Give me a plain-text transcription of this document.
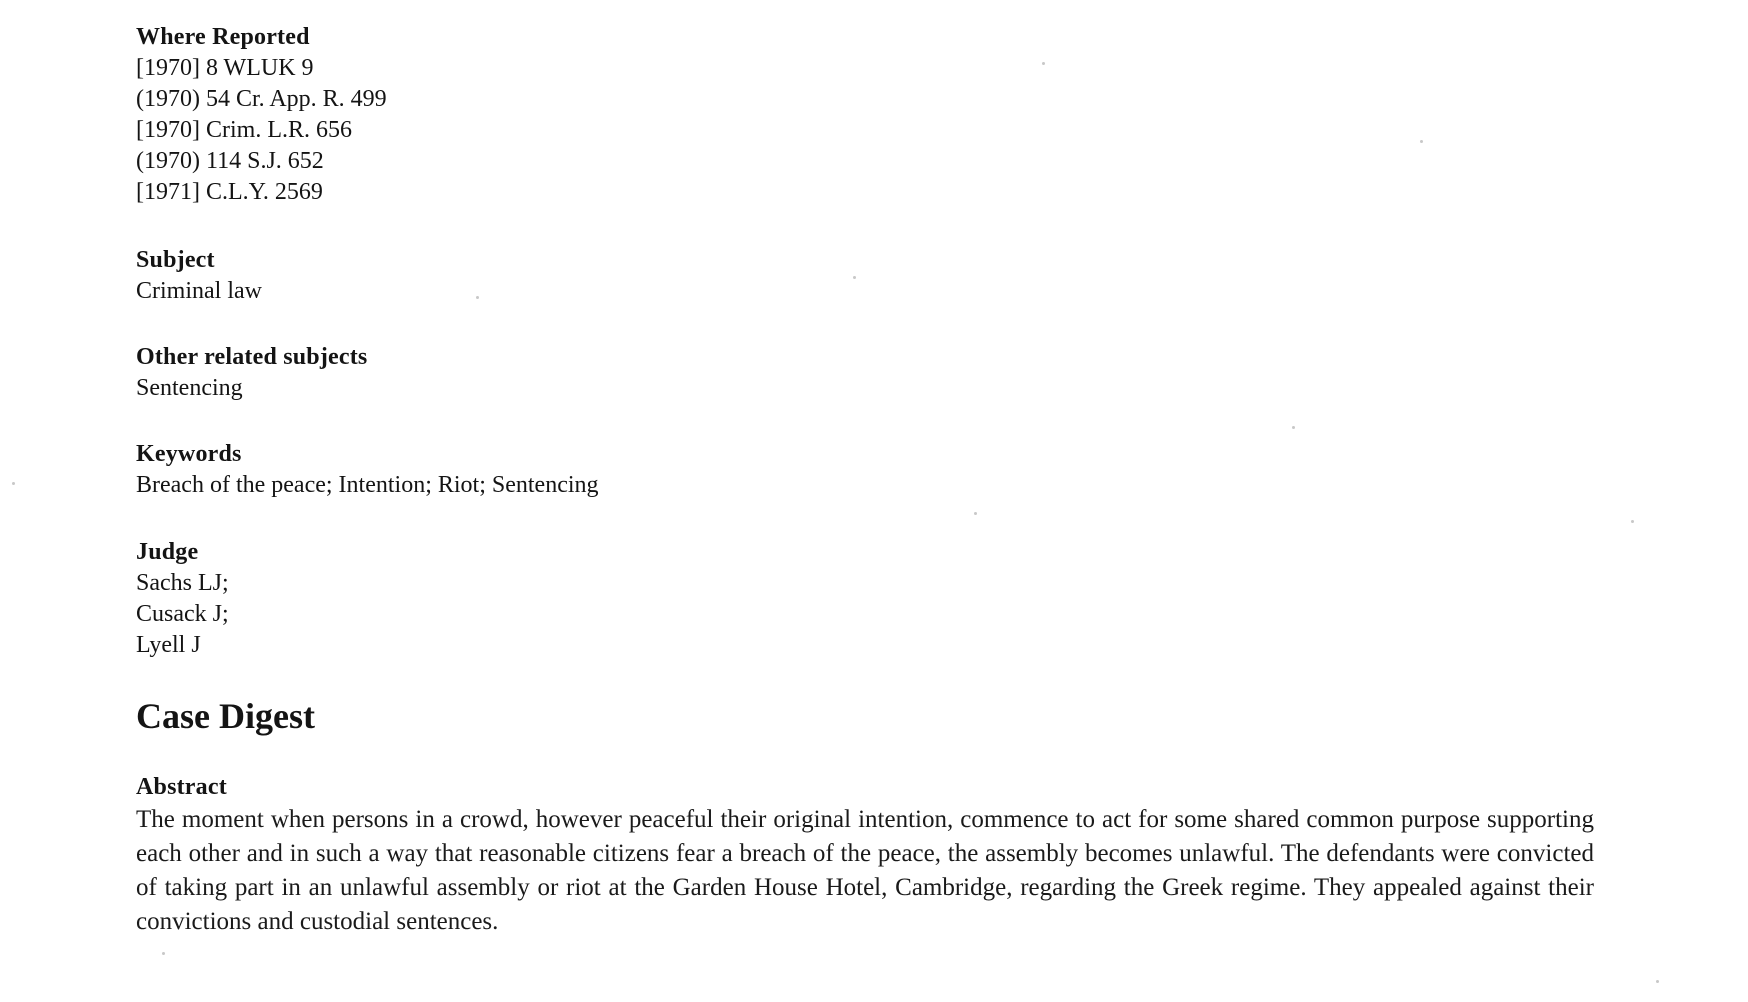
Where Reported
[1970] 8 WLUK 9
(1970) 54 Cr. App. R. 499
[1970] Crim. L.R. 656
(1970) 114 S.J. 652
[1971] C.L.Y. 2569
Subject
Criminal law
Other related subjects
Sentencing
Keywords
Breach of the peace; Intention; Riot; Sentencing
Judge
Sachs LJ;
Cusack J;
Lyell J
Case Digest
Abstract
The moment when persons in a crowd, however peaceful their original intention, commence to act for some shared common purpose supporting each other and in such a way that reasonable citizens fear a breach of the peace, the assembly becomes unlawful. The defendants were convicted of taking part in an unlawful assembly or riot at the Garden House Hotel, Cambridge, regarding the Greek regime. They appealed against their convictions and custodial sentences.
